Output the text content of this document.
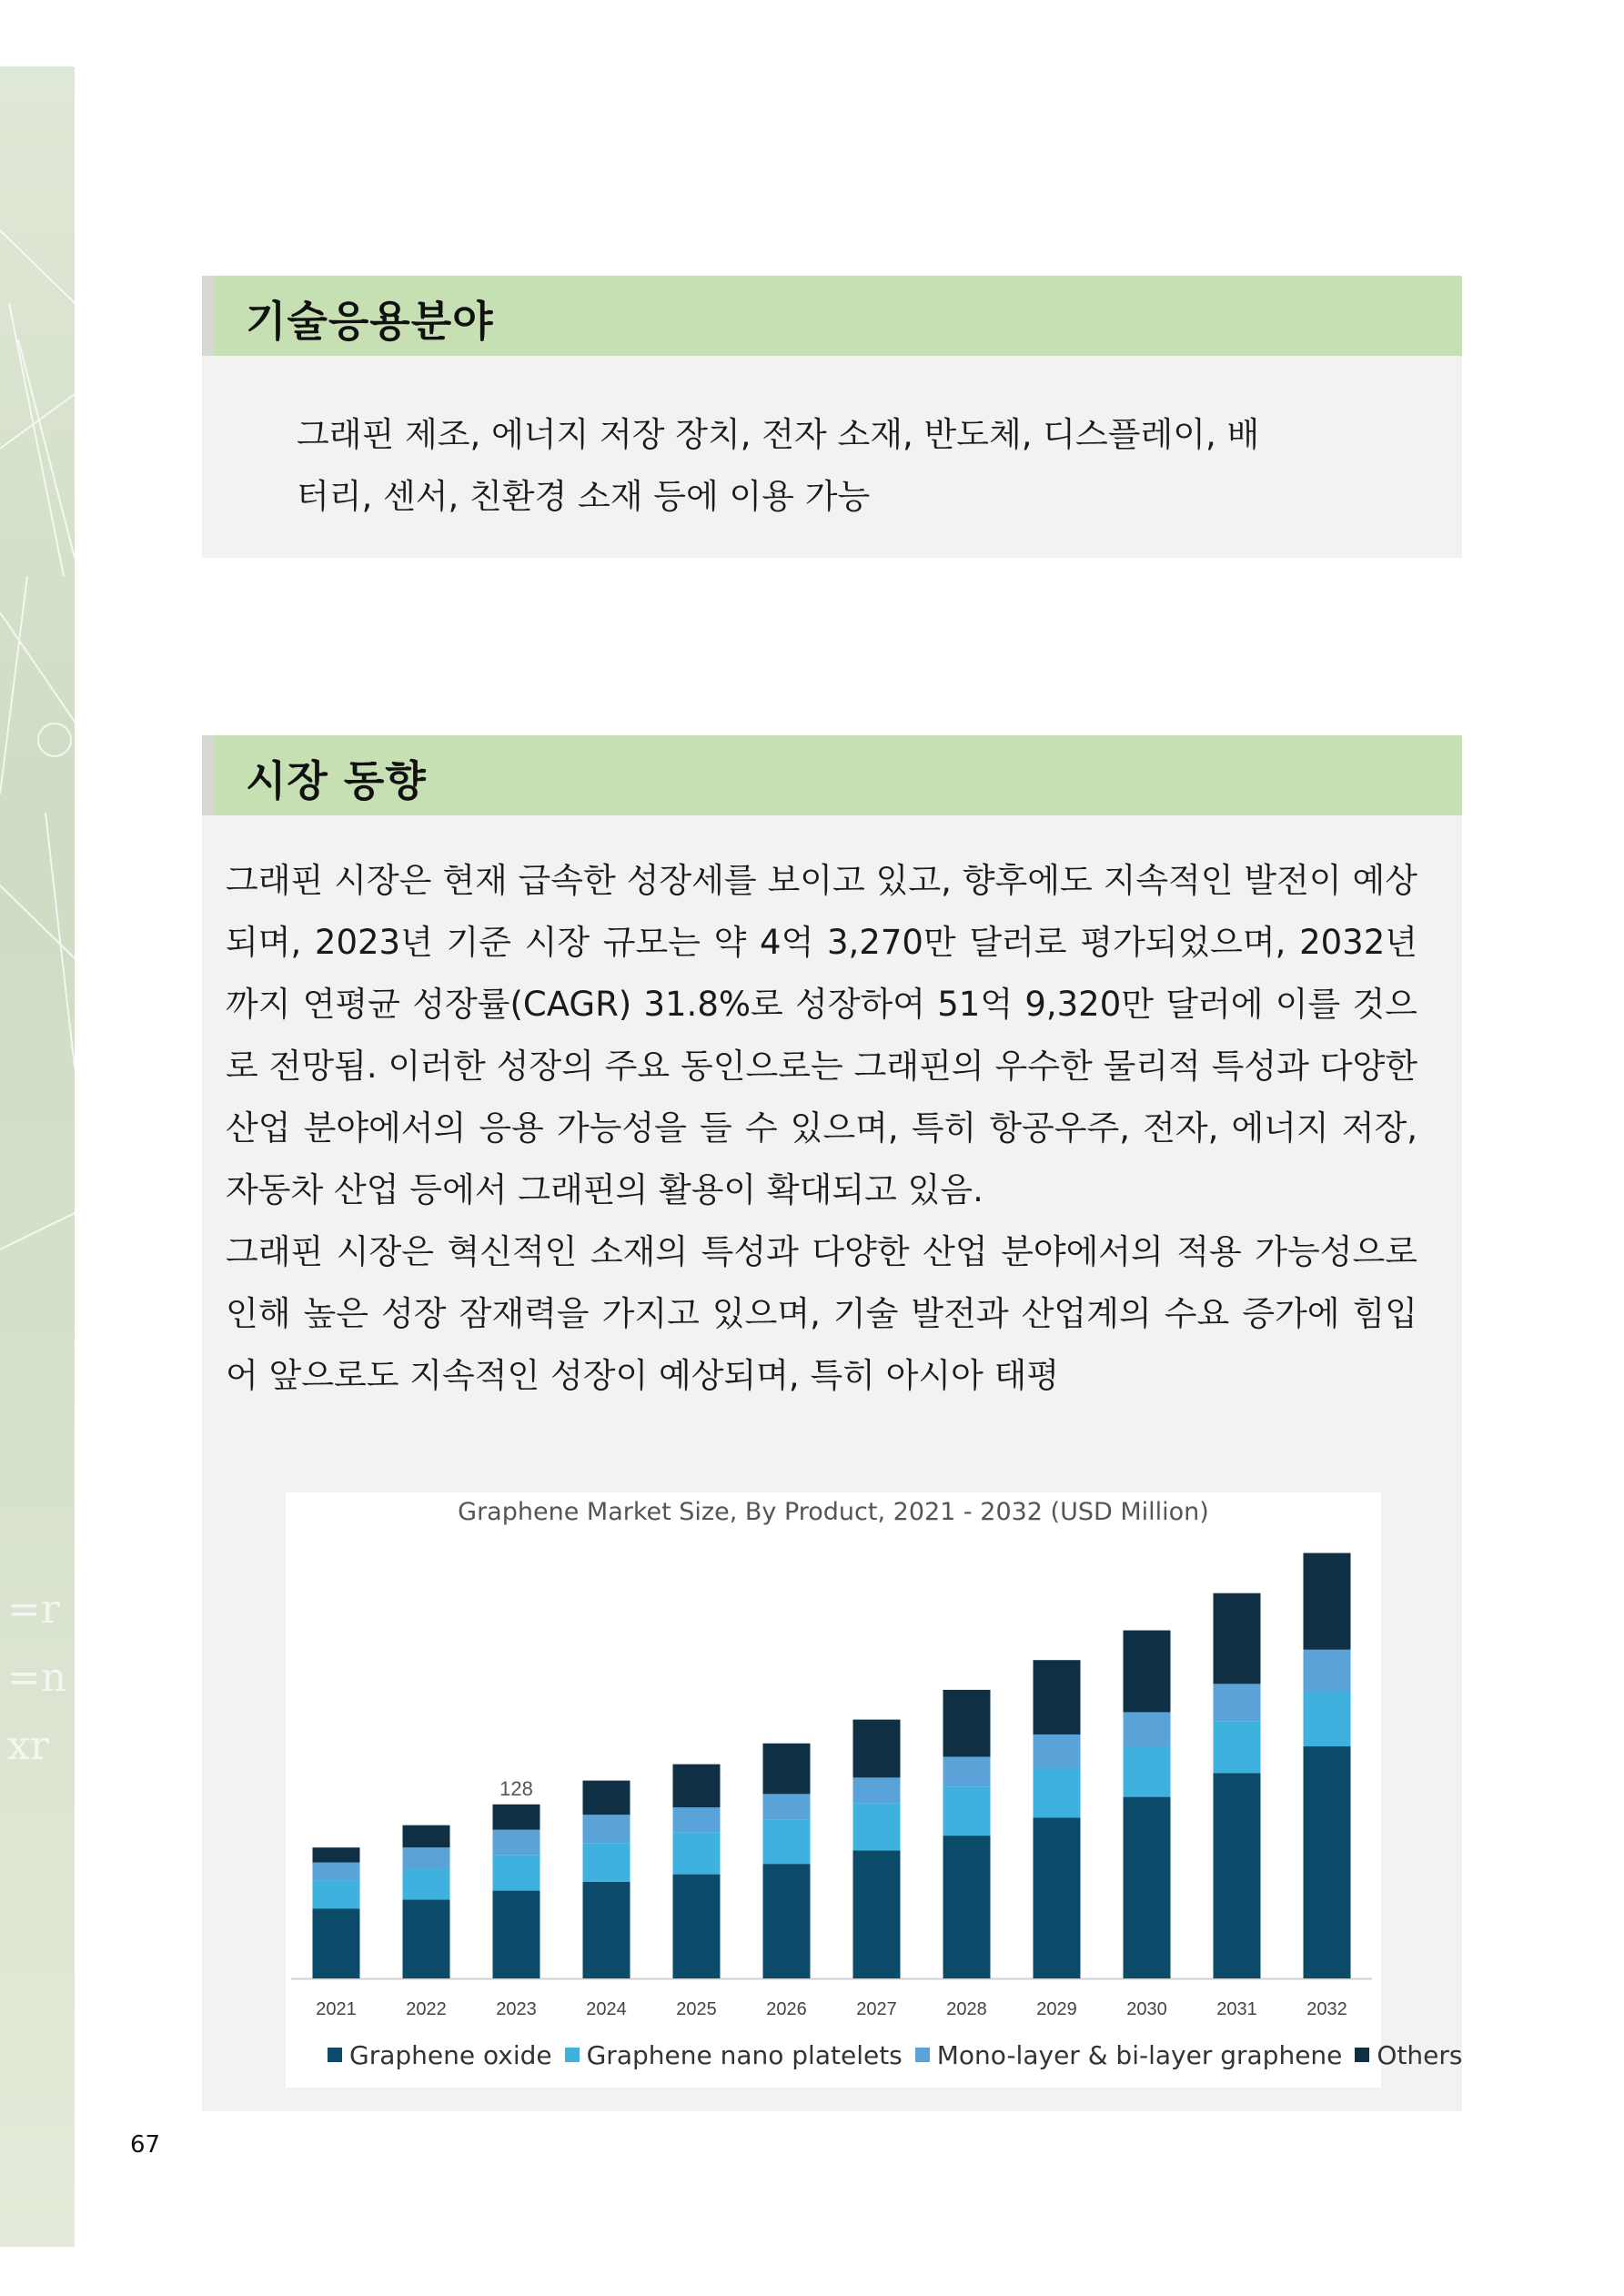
=r
=n
xr
기술응용분야
그래핀 제조, 에너지 저장 장치, 전자 소재, 반도체, 디스플레이, 배
터리, 센서, 친환경 소재 등에 이용 가능
시장 동향

그래핀 시장은 현재 급속한 성장세를 보이고 있고, 향후에도 지속적인 발전이 예상되며, 2023년 기준 시장 규모는 약 4억 3,270만 달러로 평가되었으며, 2032년까지 연평균 성장률(CAGR) 31.8%로 성장하여 51억 9,320만 달러에 이를 것으로 전망됨. 이러한 성장의 주요 동인으로는 그래핀의 우수한 물리적 특성과 다양한 산업 분야에서의 응용 가능성을 들 수 있으며, 특히 항공우주, 전자, 에너지 저장, 자동차 산업 등에서 그래핀의 활용이 확대되고 있음.

그래핀 시장은 혁신적인 소재의 특성과 다양한 산업 분야에서의 적용 가능성으로 인해 높은 성장 잠재력을 가지고 있으며, 기술 발전과 산업계의 수요 증가에 힘입어 앞으로도 지속적인 성장이 예상되며, 특히 아시아 태평

Graphene Market Size, By Product, 2021 - 2032 (USD Million)
2021	2022
128
2023	2024	2025	2026	2027	2028	2029	2030	2031	2032
Graphene oxide Graphene nano platelets Mono-layer & bi-layer graphene Others
67
